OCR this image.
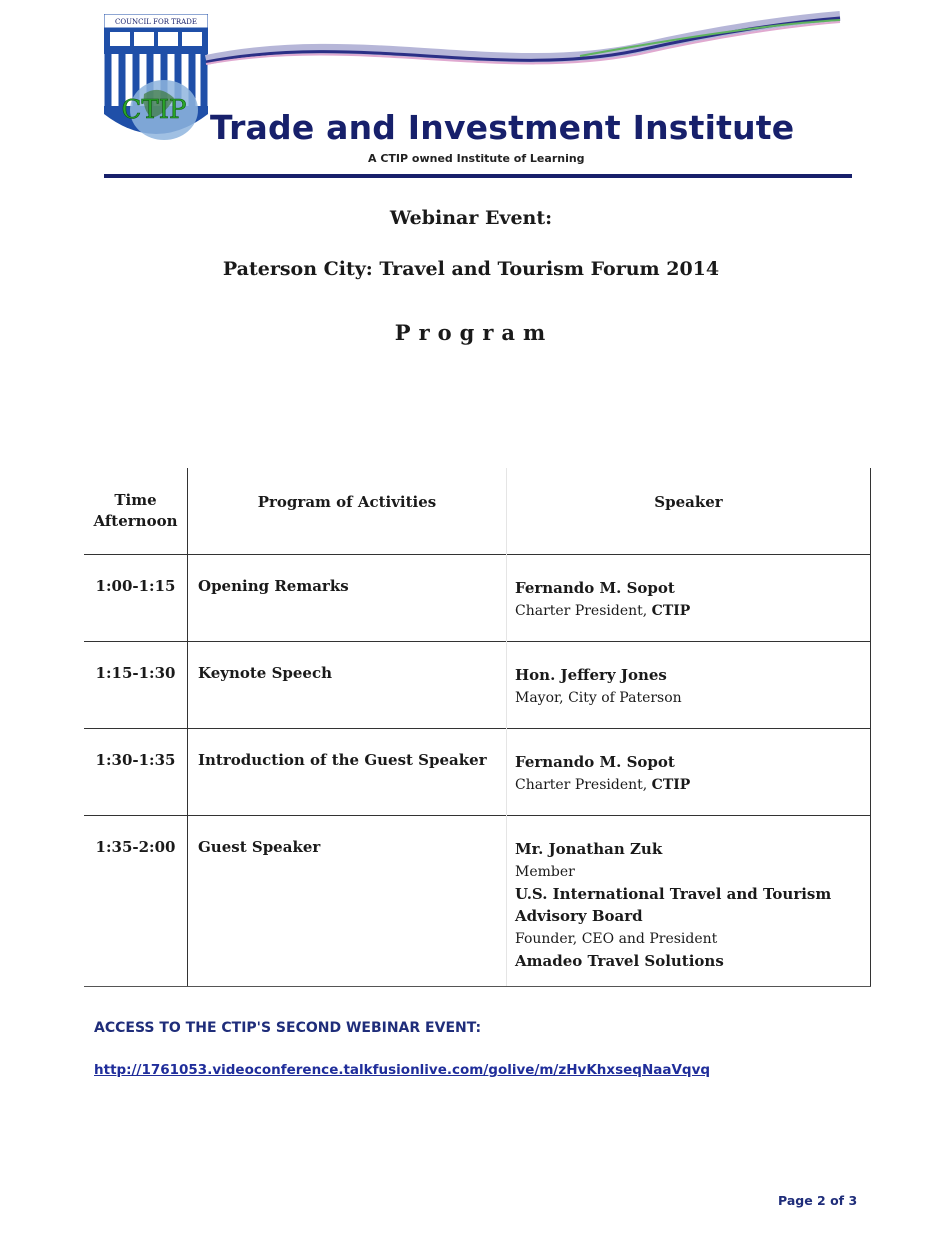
COUNCIL FOR TRADE
CTIP Trade and Investment Institute
A CTIP owned Institute of Learning
Webinar Event:
Paterson City: Travel and Tourism Forum 2014
Program
Time
Afternoon	Program of Activities	Speaker

1:00-1:15	Opening Remarks	Fernando M. Sopot
Charter President, CTIP

1:15-1:30	Keynote Speech	Hon. Jeffery Jones
Mayor, City of Paterson

1:30-1:35	Introduction of the Guest Speaker	Fernando M. Sopot
Charter President, CTIP

1:35-2:00	Guest Speaker	Mr. Jonathan Zuk
Member
U.S. International Travel and Tourism Advisory Board
Founder, CEO and President
Amadeo Travel Solutions
ACCESS TO THE CTIP'S SECOND WEBINAR EVENT:
http://1761053.videoconference.talkfusionlive.com/golive/m/zHvKhxseqNaaVqvq
Page 2 of 3
